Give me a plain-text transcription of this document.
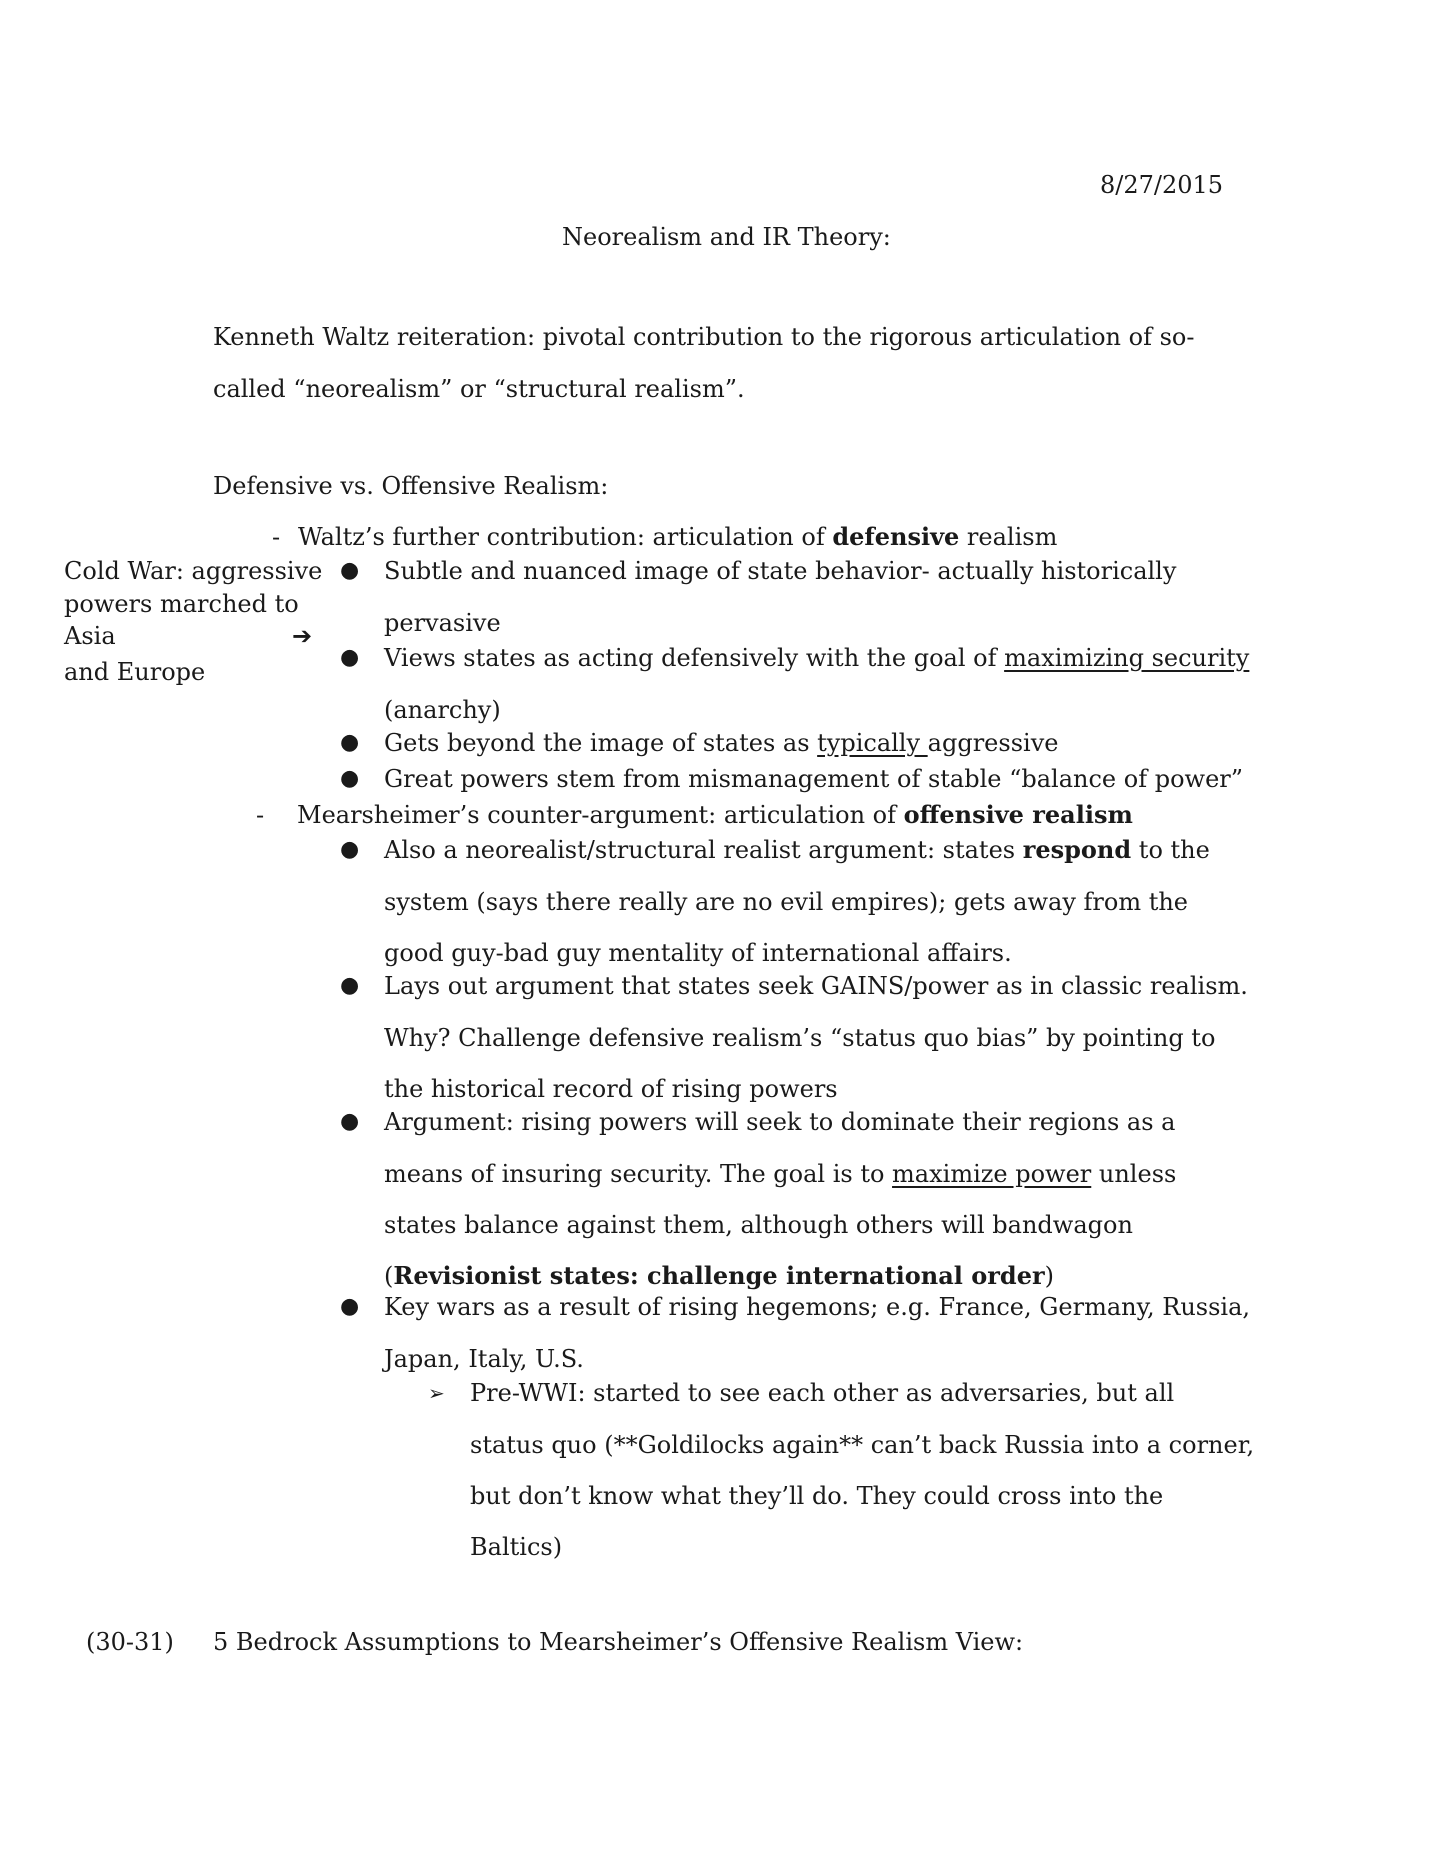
8/27/2015
Neorealism and IR Theory:
Kenneth Waltz reiteration: pivotal contribution to the rigorous articulation of so-
called “neorealism” or “structural realism”.
Defensive vs. Offensive Realism:
Cold War: aggressive
powers marched to
Asia
and Europe
➔
- Waltz’s further contribution: articulation of defensive realism
● Subtle and nuanced image of state behavior- actually historically
pervasive
● Views states as acting defensively with the goal of maximizing security
(anarchy)
● Gets beyond the image of states as typically aggressive
● Great powers stem from mismanagement of stable “balance of power”
- Mearsheimer’s counter-argument: articulation of offensive realism
● Also a neorealist/structural realist argument: states respond to the
system (says there really are no evil empires); gets away from the
good guy-bad guy mentality of international affairs.
● Lays out argument that states seek GAINS/power as in classic realism.
Why? Challenge defensive realism’s “status quo bias” by pointing to
the historical record of rising powers
● Argument: rising powers will seek to dominate their regions as a
means of insuring security. The goal is to maximize power unless
states balance against them, although others will bandwagon
(Revisionist states: challenge international order)
● Key wars as a result of rising hegemons; e.g. France, Germany, Russia,
Japan, Italy, U.S.
➢ Pre-WWI: started to see each other as adversaries, but all
status quo (**Goldilocks again** can’t back Russia into a corner,
but don’t know what they’ll do. They could cross into the
Baltics)
(30-31) 5 Bedrock Assumptions to Mearsheimer’s Offensive Realism View:
